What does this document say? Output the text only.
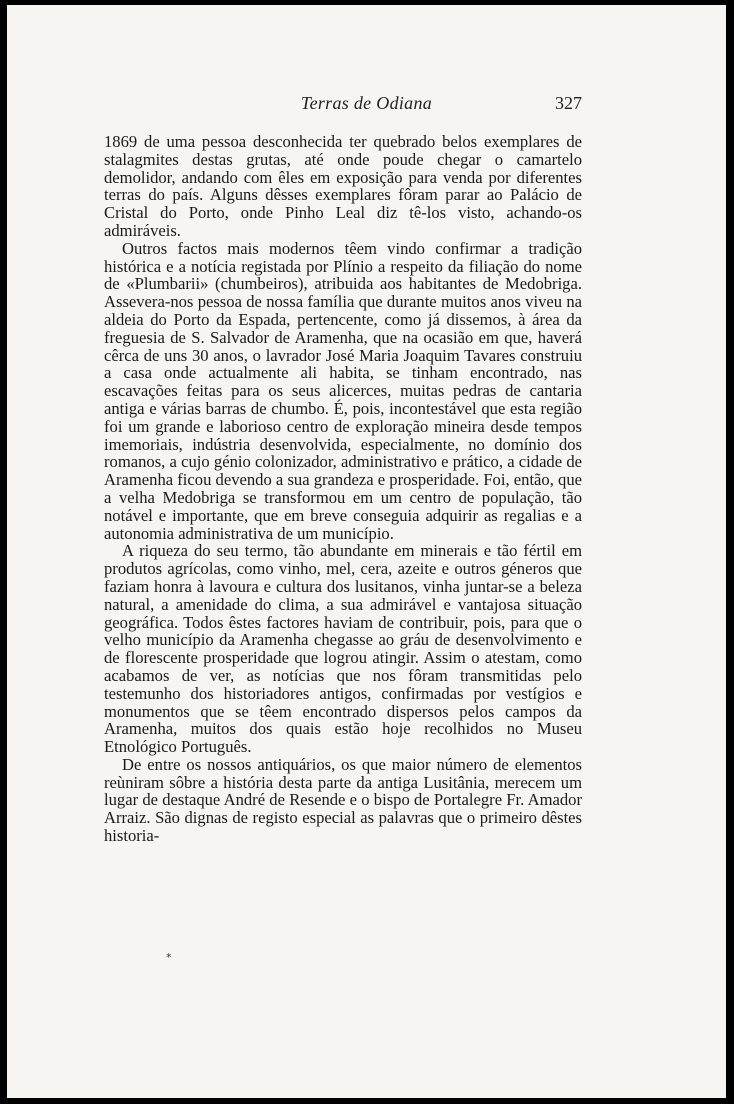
Terras de Odiana	327

1869 de uma pessoa desconhecida ter quebrado belos exemplares de stalagmites destas grutas, até onde poude chegar o camartelo demolidor, andando com êles em exposição para venda por diferentes terras do país. Alguns dêsses exemplares fôram parar ao Palácio de Cristal do Porto, onde Pinho Leal diz tê-los visto, achando-os admiráveis.

Outros factos mais modernos têem vindo confirmar a tradição histórica e a notícia registada por Plínio a respeito da filiação do nome de «Plumbarii» (chumbeiros), atribuida aos habitantes de Medobriga. Assevera-nos pessoa de nossa família que durante muitos anos viveu na aldeia do Porto da Espada, pertencente, como já dissemos, à área da freguesia de S. Salvador de Aramenha, que na ocasião em que, haverá cêrca de uns 30 anos, o lavrador José Maria Joaquim Tavares construiu a casa onde actualmente ali habita, se tinham encontrado, nas escavações feitas para os seus alicerces, muitas pedras de cantaria antiga e várias barras de chumbo. É, pois, incontestável que esta região foi um grande e laborioso centro de exploração mineira desde tempos imemoriais, indústria desenvolvida, especialmente, no domínio dos romanos, a cujo génio colonizador, administrativo e prático, a cidade de Aramenha ficou devendo a sua grandeza e prosperidade. Foi, então, que a velha Medobriga se transformou em um centro de população, tão notável e importante, que em breve conseguia adquirir as regalias e a autonomia administrativa de um município.

A riqueza do seu termo, tão abundante em minerais e tão fértil em produtos agrícolas, como vinho, mel, cera, azeite e outros géneros que faziam honra à lavoura e cultura dos lusitanos, vinha juntar-se a beleza natural, a amenidade do clima, a sua admirável e vantajosa situação geográfica. Todos êstes factores haviam de contribuir, pois, para que o velho município da Aramenha chegasse ao gráu de desenvolvimento e de florescente prosperidade que logrou atingir. Assim o atestam, como acabamos de ver, as notícias que nos fôram transmitidas pelo testemunho dos historiadores antigos, confirmadas por vestígios e monumentos que se têem encontrado dispersos pelos campos da Aramenha, muitos dos quais estão hoje recolhidos no Museu Etnológico Português.

De entre os nossos antiquários, os que maior número de elementos reùniram sôbre a história desta parte da antiga Lusitânia, merecem um lugar de destaque André de Resende e o bispo de Portalegre Fr. Amador Arraiz. São dignas de registo especial as palavras que o primeiro dêstes historia-

*
